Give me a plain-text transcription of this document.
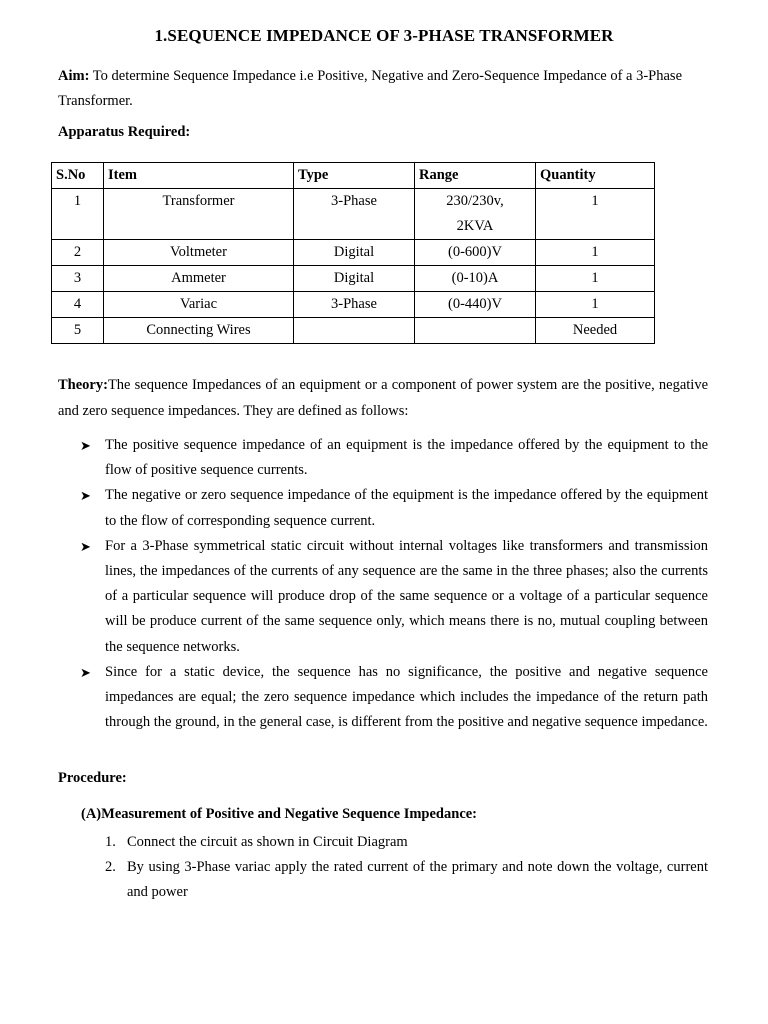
1.SEQUENCE IMPEDANCE OF 3-PHASE TRANSFORMER
Aim: To determine Sequence Impedance i.e Positive, Negative and Zero-Sequence Impedance of a 3-Phase Transformer.
Apparatus Required:
S.No	Item	Type	Range	Quantity
1	Transformer	3-Phase	230/230v, 2KVA	1
2	Voltmeter	Digital	(0-600)V	1
3	Ammeter	Digital	(0-10)A	1
4	Variac	3-Phase	(0-440)V	1
5	Connecting Wires			Needed
Theory:The sequence Impedances of an equipment or a component of power system are the positive, negative and zero sequence impedances. They are defined as follows:
➤ The positive sequence impedance of an equipment is the impedance offered by the equipment to the flow of positive sequence currents.
➤ The negative or zero sequence impedance of the equipment is the impedance offered by the equipment to the flow of corresponding sequence current.
➤ For a 3-Phase symmetrical static circuit without internal voltages like transformers and transmission lines, the impedances of the currents of any sequence are the same in the three phases; also the currents of a particular sequence will produce drop of the same sequence or a voltage of a particular sequence will be produce current of the same sequence only, which means there is no, mutual coupling between the sequence networks.
➤ Since for a static device, the sequence has no significance, the positive and negative sequence impedances are equal; the zero sequence impedance which includes the impedance of the return path through the ground, in the general case, is different from the positive and negative sequence impedance.
Procedure:
(A)Measurement of Positive and Negative Sequence Impedance:
1. Connect the circuit as shown in Circuit Diagram
2. By using 3-Phase variac apply the rated current of the primary and note down the voltage, current and power
